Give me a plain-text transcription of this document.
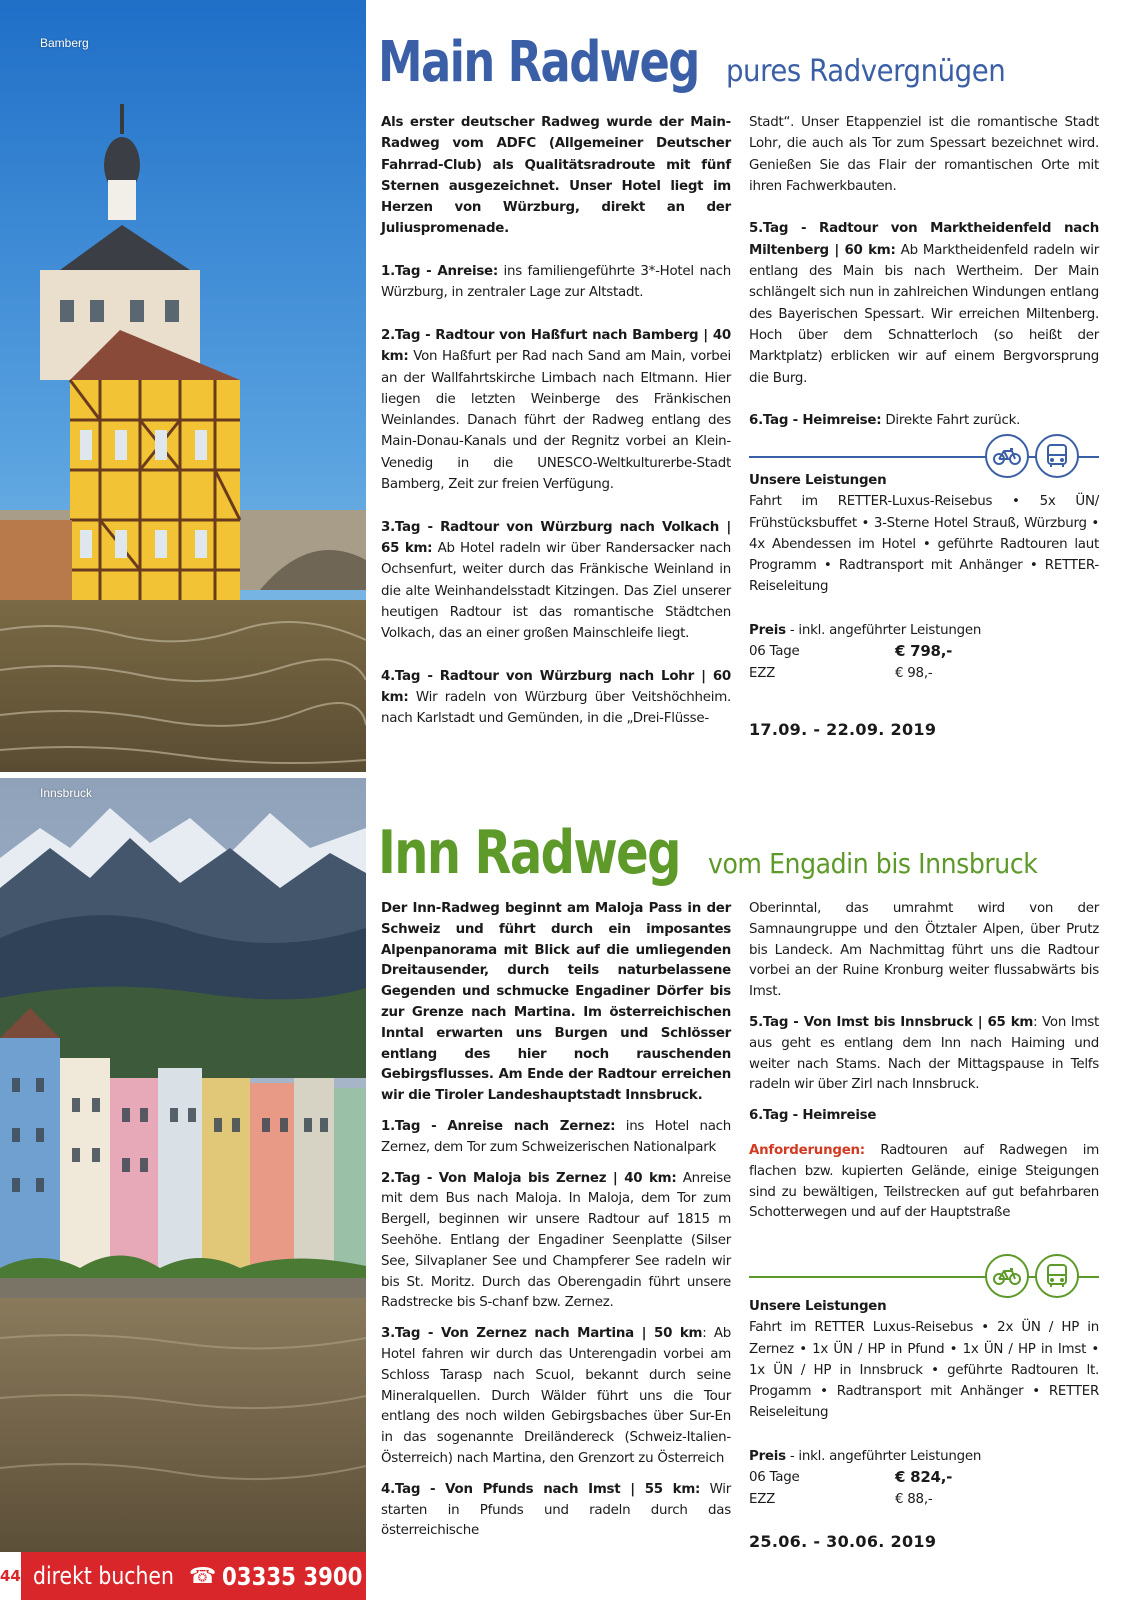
Bamberg
Innsbruck
Main Radweg pures Radvergnügen

Als erster deutscher Radweg wurde der Main-Radweg vom ADFC (Allgemeiner Deutscher Fahrrad-Club) als Qualitätsradroute mit fünf Sternen ausgezeichnet. Unser Hotel liegt im Herzen von Würzburg, direkt an der Juliuspromenade.

1.Tag - Anreise: ins familiengeführte 3*-Hotel nach Würzburg, in zentraler Lage zur Altstadt.

2.Tag - Radtour von Haßfurt nach Bamberg | 40 km: Von Haßfurt per Rad nach Sand am Main, vorbei an der Wallfahrtskirche Limbach nach Eltmann. Hier liegen die letzten Weinberge des Fränkischen Weinlandes. Danach führt der Radweg entlang des Main-Donau-Kanals und der Regnitz vorbei an Klein-Venedig in die UNESCO-Weltkulturerbe-Stadt Bamberg, Zeit zur freien Verfügung.

3.Tag - Radtour von Würzburg nach Volkach | 65 km: Ab Hotel radeln wir über Randersacker nach Ochsenfurt, weiter durch das Fränkische Weinland in die alte Weinhandelsstadt Kitzingen. Das Ziel unserer heutigen Radtour ist das romantische Städtchen Volkach, das an einer großen Mainschleife liegt.

4.Tag - Radtour von Würzburg nach Lohr | 60 km: Wir radeln von Würzburg über Veitshöchheim. nach Karlstadt und Gemünden, in die „Drei-Flüsse-

Stadt“. Unser Etappenziel ist die romantische Stadt Lohr, die auch als Tor zum Spessart bezeichnet wird. Genießen Sie das Flair der romantischen Orte mit ihren Fachwerkbauten.

5.Tag - Radtour von Marktheidenfeld nach Miltenberg | 60 km: Ab Marktheidenfeld radeln wir entlang des Main bis nach Wertheim. Der Main schlängelt sich nun in zahlreichen Windungen entlang des Bayerischen Spessart. Wir erreichen Miltenberg. Hoch über dem Schnatterloch (so heißt der Marktplatz) erblicken wir auf einem Bergvorsprung die Burg.

6.Tag - Heimreise: Direkte Fahrt zurück.

Unsere Leistungen
Fahrt im RETTER-Luxus-Reisebus • 5x ÜN/ Frühstücksbuffet • 3-Sterne Hotel Strauß, Würzburg • 4x Abendessen im Hotel • geführte Radtouren laut Programm • Radtransport mit Anhänger • RETTER-Reiseleitung
Preis - inkl. angeführter Leistungen
06 Tage	€ 798,-
EZZ	€ 98,-
17.09. - 22.09. 2019
Inn Radweg vom Engadin bis Innsbruck

Der Inn-Radweg beginnt am Maloja Pass in der Schweiz und führt durch ein imposantes Alpenpanorama mit Blick auf die umliegenden Dreitausender, durch teils naturbelassene Gegenden und schmucke Engadiner Dörfer bis zur Grenze nach Martina. Im österreichischen Inntal erwarten uns Burgen und Schlösser entlang des hier noch rauschenden Gebirgsflusses. Am Ende der Radtour erreichen wir die Tiroler Landeshauptstadt Innsbruck.

1.Tag - Anreise nach Zernez: ins Hotel nach Zernez, dem Tor zum Schweizerischen Nationalpark

2.Tag - Von Maloja bis Zernez | 40 km: Anreise mit dem Bus nach Maloja. In Maloja, dem Tor zum Bergell, beginnen wir unsere Radtour auf 1815 m Seehöhe. Entlang der Engadiner Seenplatte (Silser See, Silvaplaner See und Champferer See radeln wir bis St. Moritz. Durch das Oberengadin führt unsere Radstrecke bis S-chanf bzw. Zernez.

3.Tag - Von Zernez nach Martina | 50 km: Ab Hotel fahren wir durch das Unterengadin vorbei am Schloss Tarasp nach Scuol, bekannt durch seine Mineralquellen. Durch Wälder führt uns die Tour entlang des noch wilden Gebirgsbaches über Sur-En in das sogenannte Dreiländereck (Schweiz-Italien-Österreich) nach Martina, den Grenzort zu Österreich

4.Tag - Von Pfunds nach Imst | 55 km: Wir starten in Pfunds und radeln durch das österreichische

Oberinntal, das umrahmt wird von der Samnaungruppe und den Ötztaler Alpen, über Prutz bis Landeck. Am Nachmittag führt uns die Radtour vorbei an der Ruine Kronburg weiter flussabwärts bis Imst.

5.Tag - Von Imst bis Innsbruck | 65 km: Von Imst aus geht es entlang dem Inn nach Haiming und weiter nach Stams. Nach der Mittagspause in Telfs radeln wir über Zirl nach Innsbruck.

6.Tag - Heimreise

Anforderungen: Radtouren auf Radwegen im flachen bzw. kupierten Gelände, einige Steigungen sind zu bewältigen, Teilstrecken auf gut befahrbaren Schotterwegen und auf der Hauptstraße

Unsere Leistungen
Fahrt im RETTER Luxus-Reisebus • 2x ÜN / HP in Zernez • 1x ÜN / HP in Pfund • 1x ÜN / HP in Imst • 1x ÜN / HP in Innsbruck • geführte Radtouren lt. Progamm • Radtransport mit Anhänger • RETTER Reiseleitung
Preis - inkl. angeführter Leistungen
06 Tage	€ 824,-
EZZ	€ 88,-
25.06. - 30.06. 2019
44 direkt buchen ☎ 03335 3900
